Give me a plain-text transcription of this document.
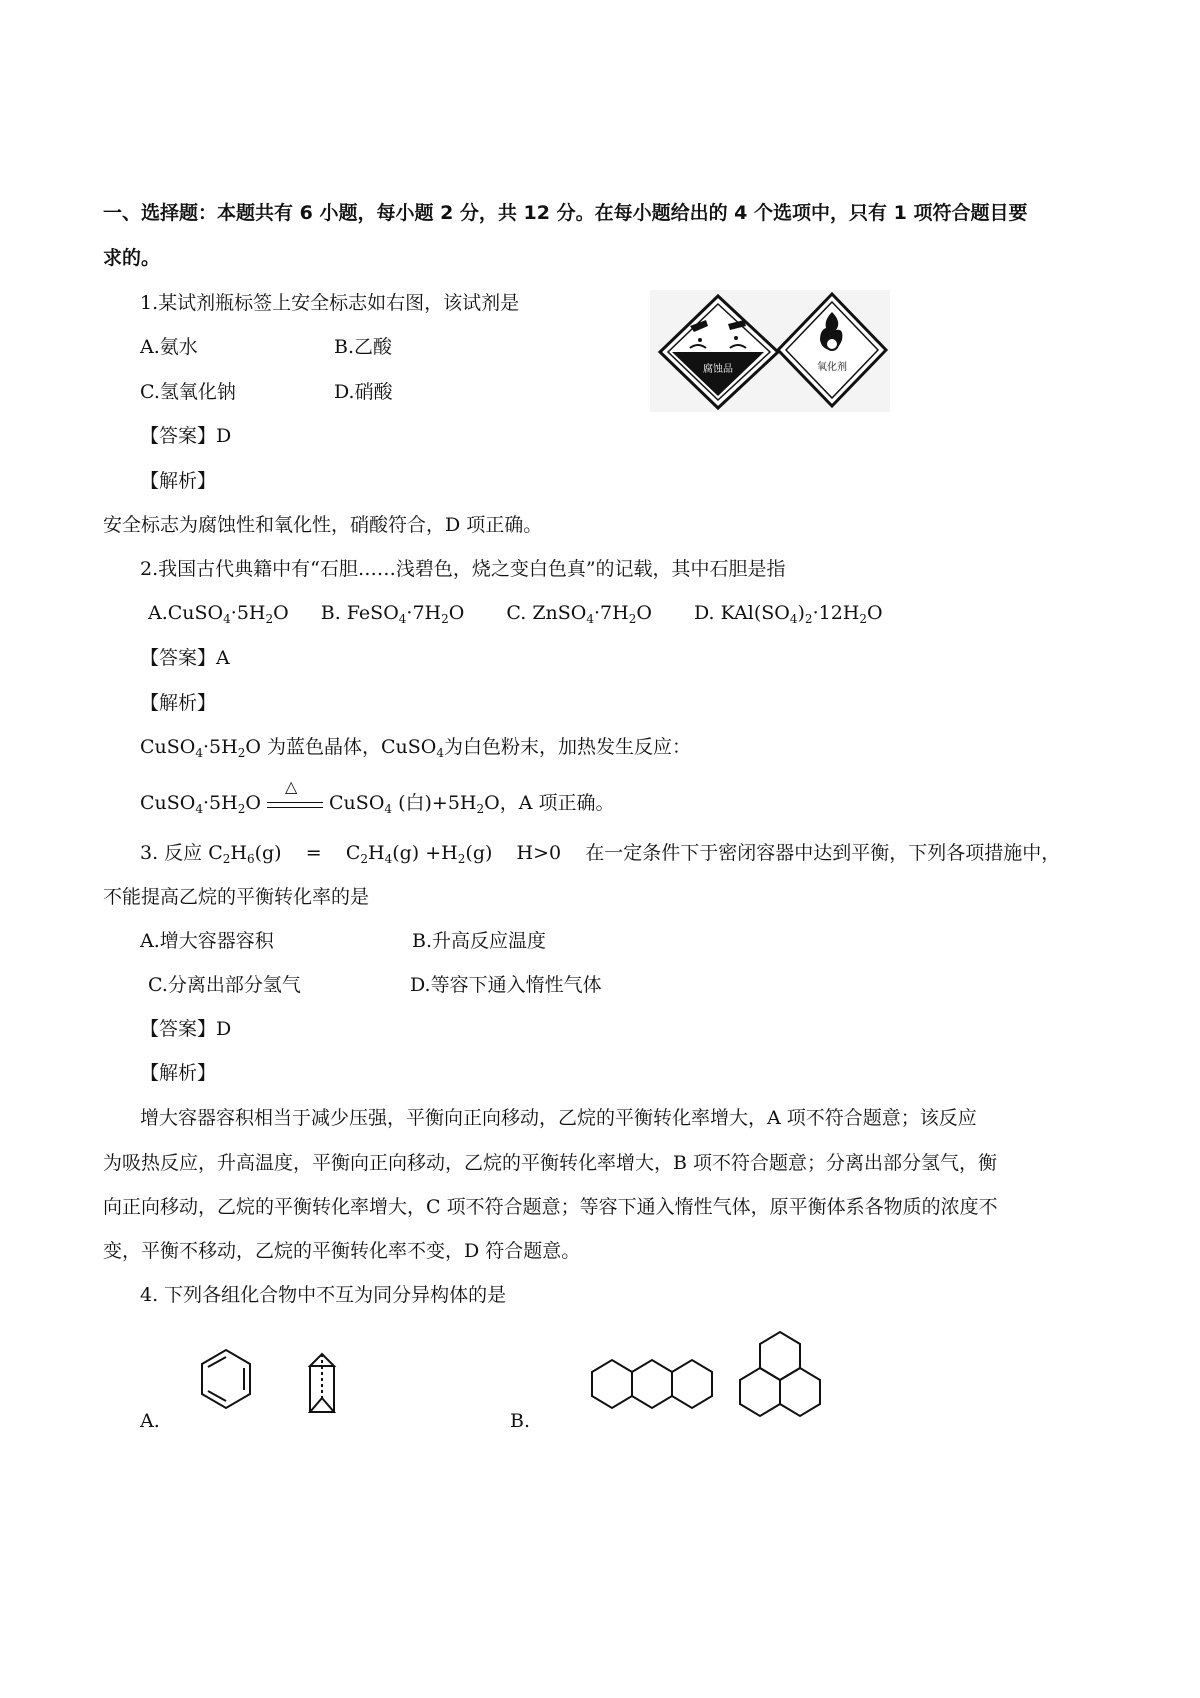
一、选择题：本题共有 6 小题，每小题 2 分，共 12 分。在每小题给出的 4 个选项中，只有 1 项符合题目要
求的。
1.某试剂瓶标签上安全标志如右图，该试剂是
A.氨水	B.乙酸
C.氢氧化钠	D.硝酸
【答案】D
【解析】
安全标志为腐蚀性和氧化性，硝酸符合，D 项正确。
腐蚀品	氧化剂
2.我国古代典籍中有“石胆……浅碧色，烧之变白色真”的记载，其中石胆是指
$A.CuSO_4\cdot 5H_2O$ B. $FeSO_4\cdot 7H_2O$ C. $ZnSO_4\cdot 7H_2O$ D. $KAl(SO_4)_2\cdot 12H_2O$
【答案】A
【解析】
$CuSO_4\cdot 5H_2O$ 为蓝色晶体，CuSO$_4$为白色粉末，加热发生反应：
$CuSO_4\cdot 5H_2O$
△
CuSO$_4$ (白)$+5H_2O$，A 项正确。
3. 反应 $C_2H_6(g)$    =    $C_2H_4(g) +H_2(g)$    H>0    在一定条件下于密闭容器中达到平衡，下列各项措施中，
不能提高乙烷的平衡转化率的是
A.增大容器容积	B.升高反应温度
C.分离出部分氢气	D.等容下通入惰性气体
【答案】D
【解析】
增大容器容积相当于减少压强，平衡向正向移动，乙烷的平衡转化率增大，A 项不符合题意；该反应
为吸热反应，升高温度，平衡向正向移动，乙烷的平衡转化率增大，B 项不符合题意；分离出部分氢气，衡
向正向移动，乙烷的平衡转化率增大，C 项不符合题意；等容下通入惰性气体，原平衡体系各物质的浓度不
变，平衡不移动，乙烷的平衡转化率不变，D 符合题意。
4. 下列各组化合物中不互为同分异构体的是
A.	B.
